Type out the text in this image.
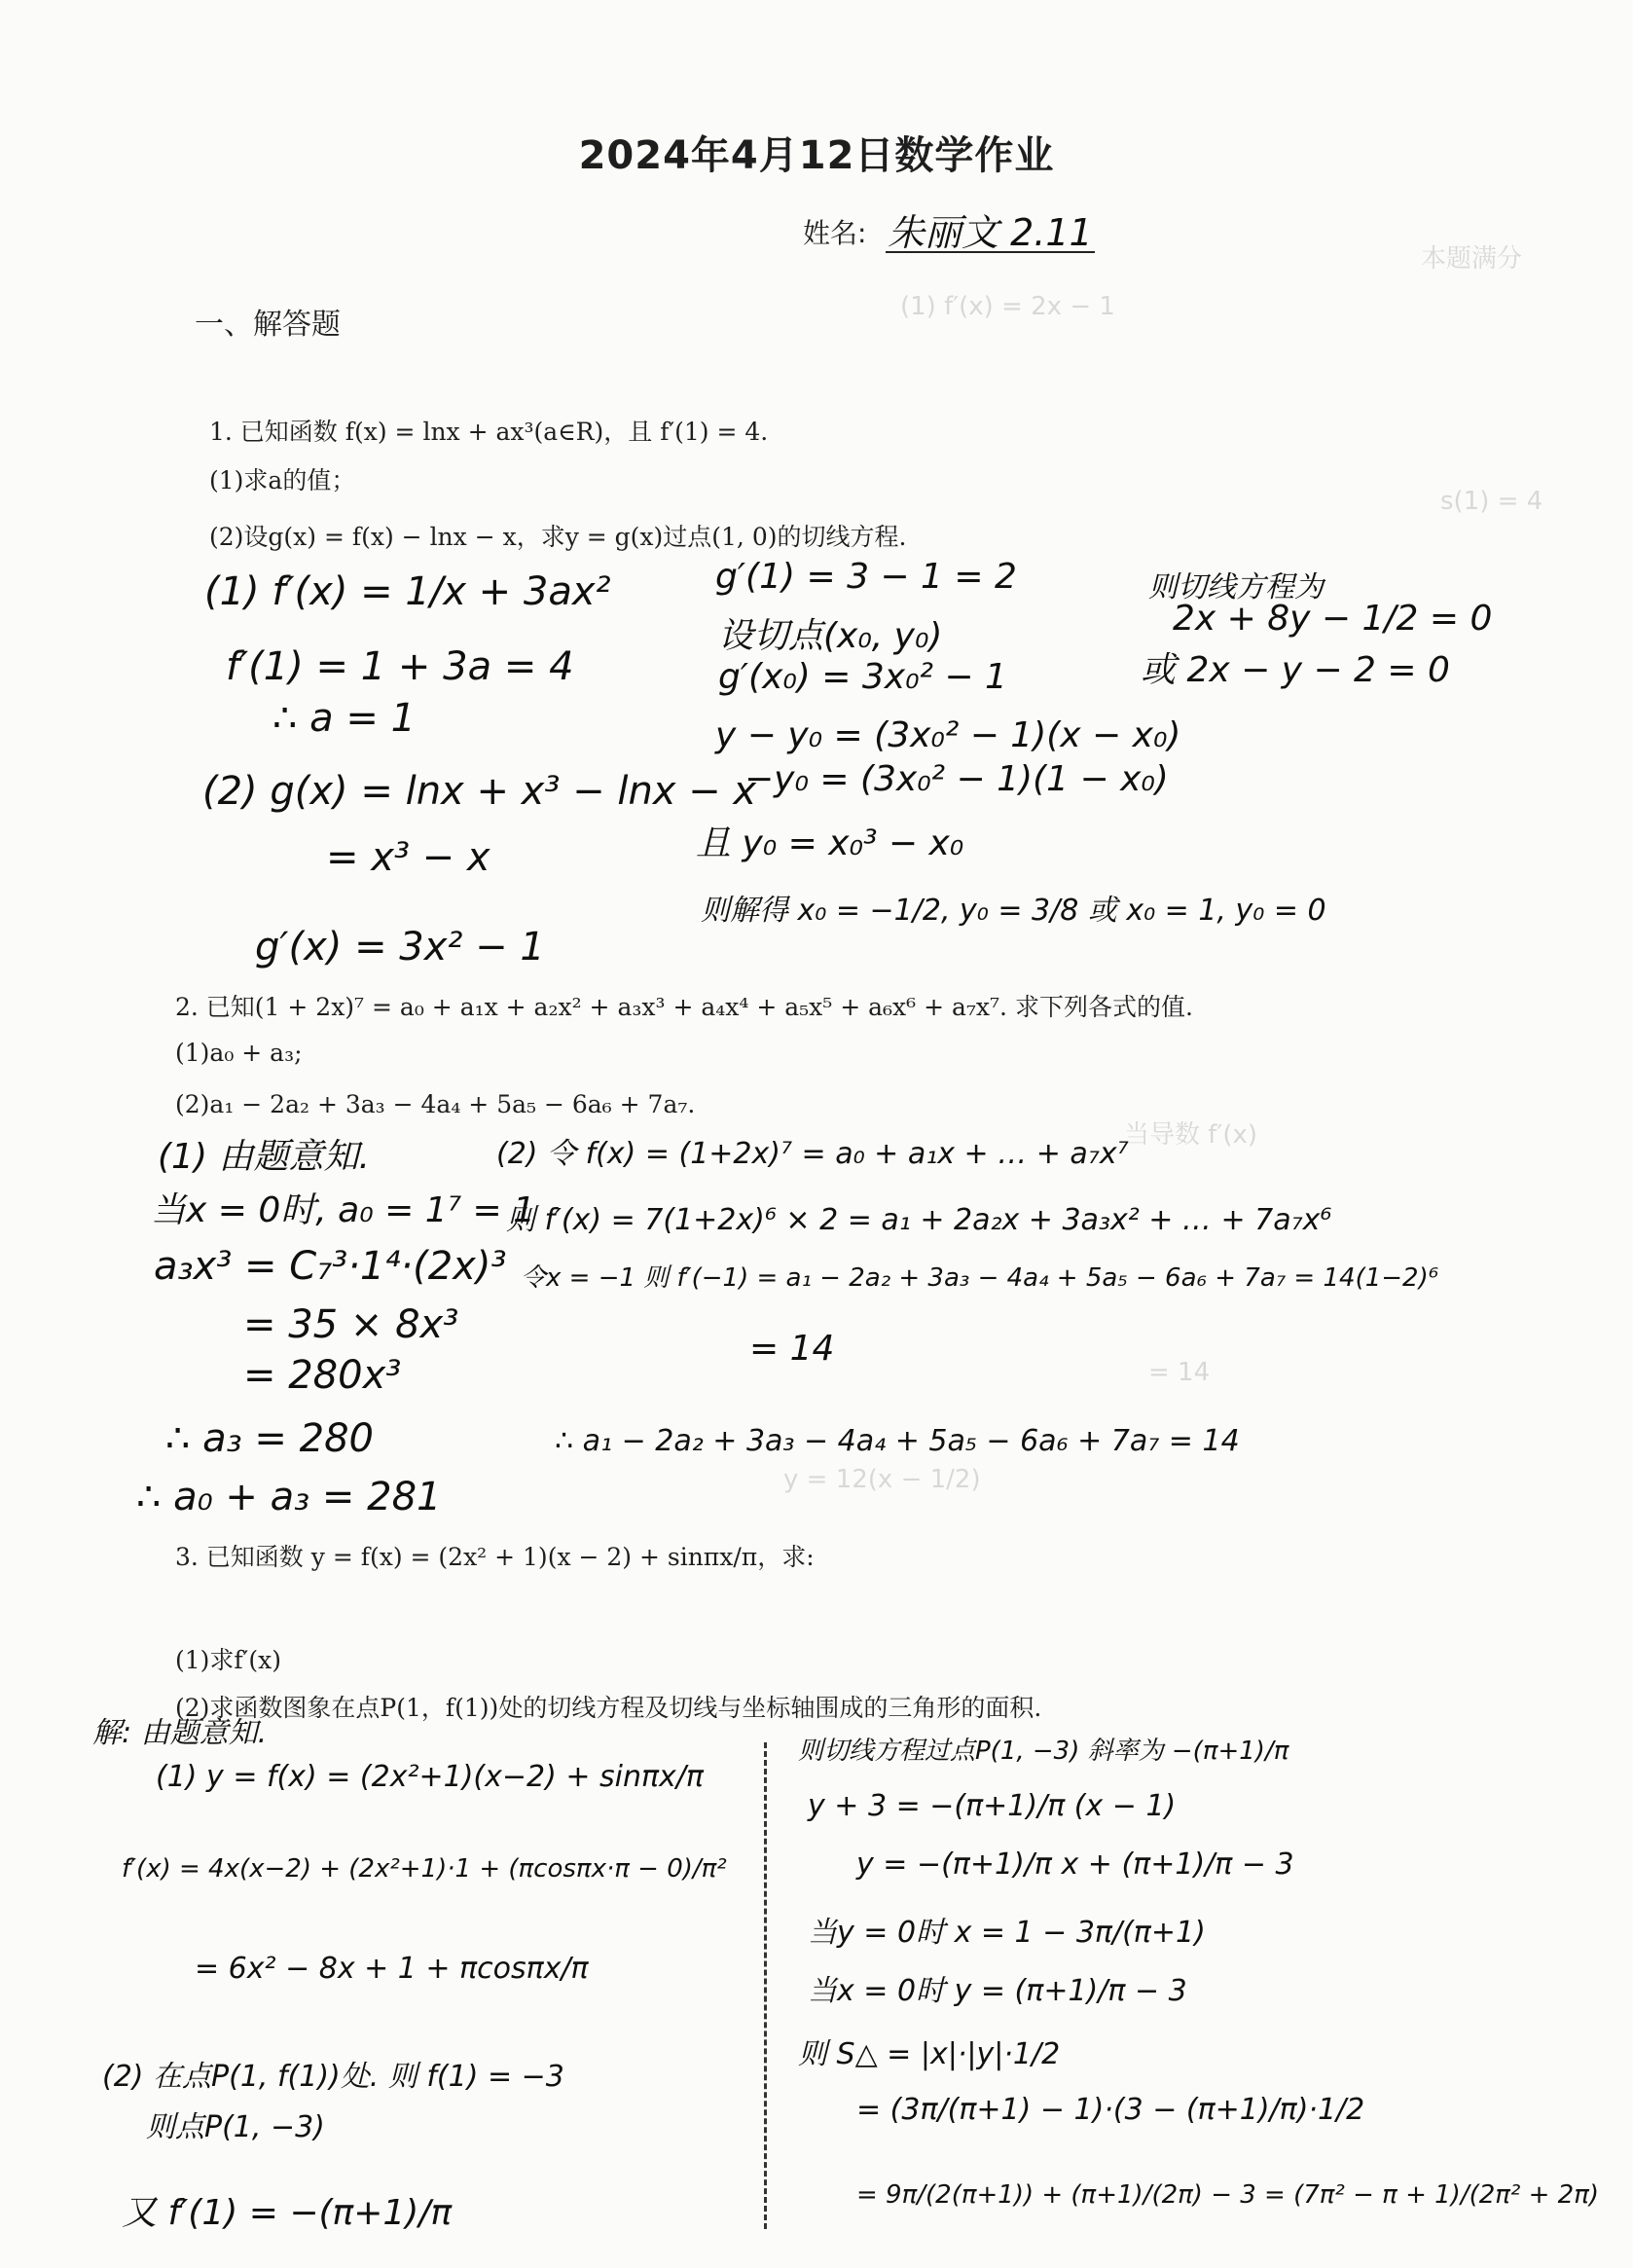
本题满分
(1) f′(x) = 2x − 1
s(1) = 4
当导数 f′(x)
= 14
y = 12(x − 1/2)
2024年4月12日数学作业
姓名: 朱丽文 2.11
一、解答题
1. 已知函数 f(x) = lnx + ax³(a∈R)，且 f′(1) = 4.
(1)求a的值；
(2)设g(x) = f(x) − lnx − x，求y = g(x)过点(1, 0)的切线方程.
(1) f′(x) = 1/x + 3ax²
f′(1) = 1 + 3a = 4
∴ a = 1
(2) g(x) = lnx + x³ − lnx − x
= x³ − x
g′(x) = 3x² − 1
g′(1) = 3 − 1 = 2
设切点(x₀, y₀)
g′(x₀) = 3x₀² − 1
y − y₀ = (3x₀² − 1)(x − x₀)
−y₀ = (3x₀² − 1)(1 − x₀)
且 y₀ = x₀³ − x₀
则解得 x₀ = −1/2, y₀ = 3/8 或 x₀ = 1, y₀ = 0
则切线方程为
2x + 8y − 1/2 = 0
或 2x − y − 2 = 0
2. 已知(1 + 2x)⁷ = a₀ + a₁x + a₂x² + a₃x³ + a₄x⁴ + a₅x⁵ + a₆x⁶ + a₇x⁷. 求下列各式的值.
(1)a₀ + a₃;
(2)a₁ − 2a₂ + 3a₃ − 4a₄ + 5a₅ − 6a₆ + 7a₇.
(1) 由题意知.
当x = 0时, a₀ = 1⁷ = 1
a₃x³ = C₇³·1⁴·(2x)³
= 35 × 8x³
= 280x³
∴ a₃ = 280
∴ a₀ + a₃ = 281
(2) 令 f(x) = (1+2x)⁷ = a₀ + a₁x + … + a₇x⁷
则 f′(x) = 7(1+2x)⁶ × 2 = a₁ + 2a₂x + 3a₃x² + … + 7a₇x⁶
令x = −1 则 f′(−1) = a₁ − 2a₂ + 3a₃ − 4a₄ + 5a₅ − 6a₆ + 7a₇ = 14(1−2)⁶
= 14
∴ a₁ − 2a₂ + 3a₃ − 4a₄ + 5a₅ − 6a₆ + 7a₇ = 14
3. 已知函数 y = f(x) = (2x² + 1)(x − 2) + sinπx/π，求:
(1)求f′(x)
(2)求函数图象在点P(1，f(1))处的切线方程及切线与坐标轴围成的三角形的面积.
解: 由题意知.
(1) y = f(x) = (2x²+1)(x−2) + sinπx/π
f′(x) = 4x(x−2) + (2x²+1)·1 + (πcosπx·π − 0)/π²
= 6x² − 8x + 1 + πcosπx/π
(2) 在点P(1, f(1))处. 则 f(1) = −3
则点P(1, −3)
又 f′(1) = −(π+1)/π
则切线方程过点P(1, −3) 斜率为 −(π+1)/π
y + 3 = −(π+1)/π (x − 1)
y = −(π+1)/π x + (π+1)/π − 3
当y = 0时 x = 1 − 3π/(π+1)
当x = 0时 y = (π+1)/π − 3
则 S△ = |x|·|y|·1/2
= (3π/(π+1) − 1)·(3 − (π+1)/π)·1/2
= 9π/(2(π+1)) + (π+1)/(2π) − 3 = (7π² − π + 1)/(2π² + 2π)
